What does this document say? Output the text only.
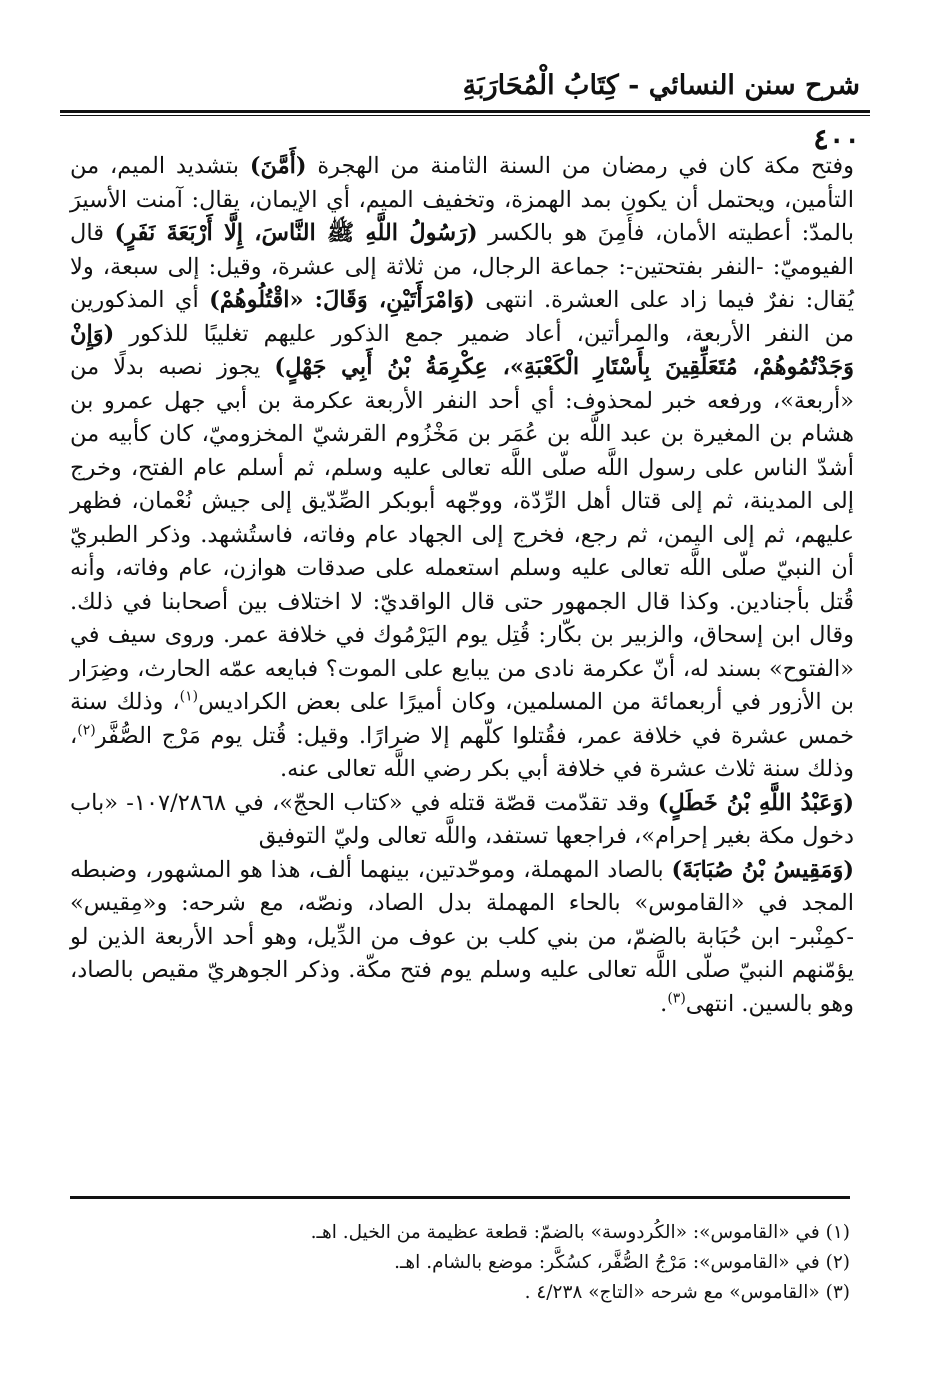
شرح سنن النسائي - كِتَابُ الْمُحَارَبَةِ
٤٠٠

وفتح مكة كان في رمضان من السنة الثامنة من الهجرة (أَمَّنَ) بتشديد الميم، من التأمين، ويحتمل أن يكون بمد الهمزة، وتخفيف الميم، أي الإيمان، يقال: آمنت الأسيرَ بالمدّ: أعطيته الأمان، فأَمِنَ هو بالكسر (رَسُولُ اللَّهِ ﷺ النَّاسَ، إِلَّا أَرْبَعَةَ نَفَرٍ) قال الفيوميّ: -النفر بفتحتين-: جماعة الرجال، من ثلاثة إلى عشرة، وقيل: إلى سبعة، ولا يُقال: نفرٌ فيما زاد على العشرة. انتهى (وَامْرَأَتَيْنِ، وَقَالَ: «اقْتُلُوهُمْ) أي المذكورين من النفر الأربعة، والمرأتين، أعاد ضمير جمع الذكور عليهم تغليبًا للذكور (وَإِنْ وَجَدْتُمُوهُمْ، مُتَعَلِّقِينَ بِأَسْتَارِ الْكَعْبَةِ»، عِكْرِمَةُ بْنُ أَبِي جَهْلٍ) يجوز نصبه بدلًا من «أربعة»، ورفعه خبر لمحذوف: أي أحد النفر الأربعة عكرمة بن أبي جهل عمرو بن هشام بن المغيرة بن عبد اللَّه بن عُمَر بن مَخْزُوم القرشيّ المخزوميّ، كان كأبيه من أشدّ الناس على رسول اللَّه صلّى اللَّه تعالى عليه وسلم، ثم أسلم عام الفتح، وخرج إلى المدينة، ثم إلى قتال أهل الرِّدّة، ووجّهه أبوبكر الصِّدّيق إلى جيش نُعْمان، فظهر عليهم، ثم إلى اليمن، ثم رجع، فخرج إلى الجهاد عام وفاته، فاستُشهد. وذكر الطبريّ أن النبيّ صلّى اللَّه تعالى عليه وسلم استعمله على صدقات هوازن، عام وفاته، وأنه قُتل بأجنادين. وكذا قال الجمهور حتى قال الواقديّ: لا اختلاف بين أصحابنا في ذلك. وقال ابن إسحاق، والزبير بن بكّار: قُتِل يوم اليَرْمُوك في خلافة عمر. وروى سيف في «الفتوح» بسند له، أنّ عكرمة نادى من يبايع على الموت؟ فبايعه عمّه الحارث، وضِرَار بن الأزور في أربعمائة من المسلمين، وكان أميرًا على بعض الكراديس$^{(١)}$، وذلك سنة خمس عشرة في خلافة عمر، فقُتلوا كلّهم إلا ضرارًا. وقيل: قُتل يوم مَرْج الصُّفَّر$^{(٢)}$، وذلك سنة ثلاث عشرة في خلافة أبي بكر رضي اللَّه تعالى عنه.

(وَعَبْدُ اللَّهِ بْنُ خَطَلٍ) وقد تقدّمت قصّة قتله في «كتاب الحجّ»، في ١٠٧/٢٨٦٨- «باب دخول مكة بغير إحرام»، فراجعها تستفد، واللَّه تعالى وليّ التوفيق

(وَمَقِيسُ بْنُ صُبَابَةَ) بالصاد المهملة، وموحّدتين، بينهما ألف، هذا هو المشهور، وضبطه المجد في «القاموس» بالحاء المهملة بدل الصاد، ونصّه، مع شرحه: و«مِقيس» -كمِنْبر- ابن حُبَابة بالضمّ، من بني كلب بن عوف من الدِّيل، وهو أحد الأربعة الذين لو يؤمّنهم النبيّ صلّى اللَّه تعالى عليه وسلم يوم فتح مكّة. وذكر الجوهريّ مقيص بالصاد، وهو بالسين. انتهى$^{(٣)}$.

(١) في «القاموس»: «الكُردوسة» بالضمّ: قطعة عظيمة من الخيل. اهـ.

(٢) في «القاموس»: مَرْجُ الصُّفَّر، كسُكَّر: موضع بالشام. اهـ.

(٣) «القاموس» مع شرحه «التاج» ٤/٢٣٨ .
